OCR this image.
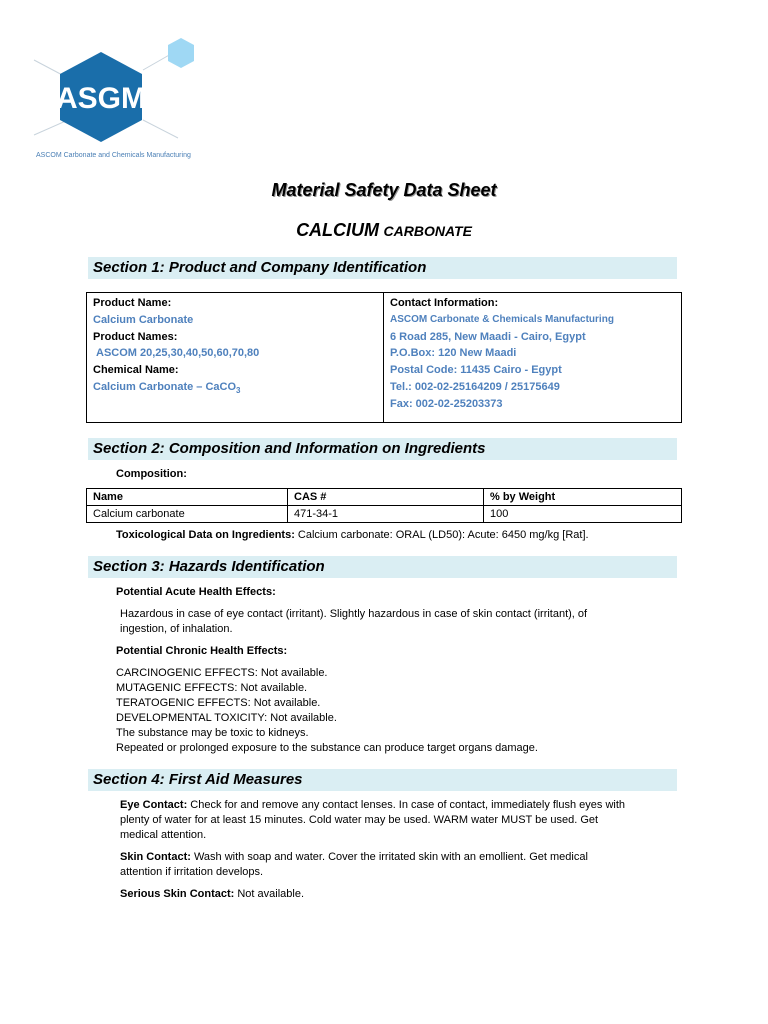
ASGM
ASCOM Carbonate and Chemicals Manufacturing
Material Safety Data Sheet
CALCIUM CARBONATE
Section 1: Product and Company Identification
Product Name:
Calcium Carbonate
Product Names:
ASCOM 20,25,30,40,50,60,70,80
Chemical Name:
Calcium Carbonate – CaCO$_3$
Contact Information:
ASCOM Carbonate & Chemicals Manufacturing
6 Road 285, New Maadi - Cairo, Egypt
P.O.Box: 120 New Maadi
Postal Code: 11435 Cairo - Egypt
Tel.: 002-02-25164209 / 25175649
Fax: 002-02-25203373
Section 2: Composition and Information on Ingredients
Composition:
Name	CAS #	% by Weight
Calcium carbonate	471-34-1	100
Toxicological Data on Ingredients: Calcium carbonate: ORAL (LD50): Acute: 6450 mg/kg [Rat].
Section 3: Hazards Identification
Potential Acute Health Effects:
Hazardous in case of eye contact (irritant). Slightly hazardous in case of skin contact (irritant), of
ingestion, of inhalation.
Potential Chronic Health Effects:
CARCINOGENIC EFFECTS: Not available.
MUTAGENIC EFFECTS: Not available.
TERATOGENIC EFFECTS: Not available.
DEVELOPMENTAL TOXICITY: Not available.
The substance may be toxic to kidneys.
Repeated or prolonged exposure to the substance can produce target organs damage.
Section 4: First Aid Measures
Eye Contact: Check for and remove any contact lenses. In case of contact, immediately flush eyes with
plenty of water for at least 15 minutes. Cold water may be used. WARM water MUST be used. Get
medical attention.
Skin Contact: Wash with soap and water. Cover the irritated skin with an emollient. Get medical
attention if irritation develops.
Serious Skin Contact: Not available.
